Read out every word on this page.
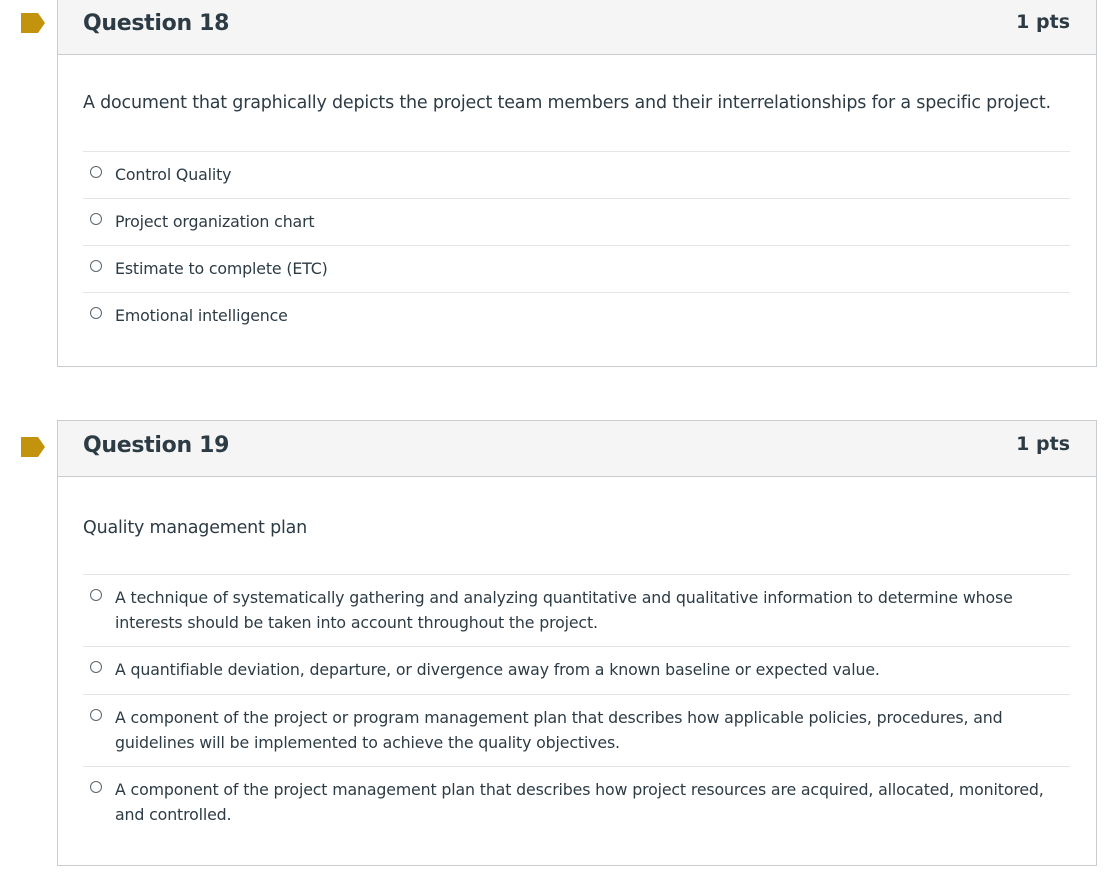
Question 18	1 pts
A document that graphically depicts the project team members and their interrelationships for a specific project.
Control Quality
Project organization chart
Estimate to complete (ETC)
Emotional intelligence
Question 19	1 pts
Quality management plan
A technique of systematically gathering and analyzing quantitative and qualitative information to determine whose interests should be taken into account throughout the project.
A quantifiable deviation, departure, or divergence away from a known baseline or expected value.
A component of the project or program management plan that describes how applicable policies, procedures, and guidelines will be implemented to achieve the quality objectives.
A component of the project management plan that describes how project resources are acquired, allocated, monitored, and controlled.
